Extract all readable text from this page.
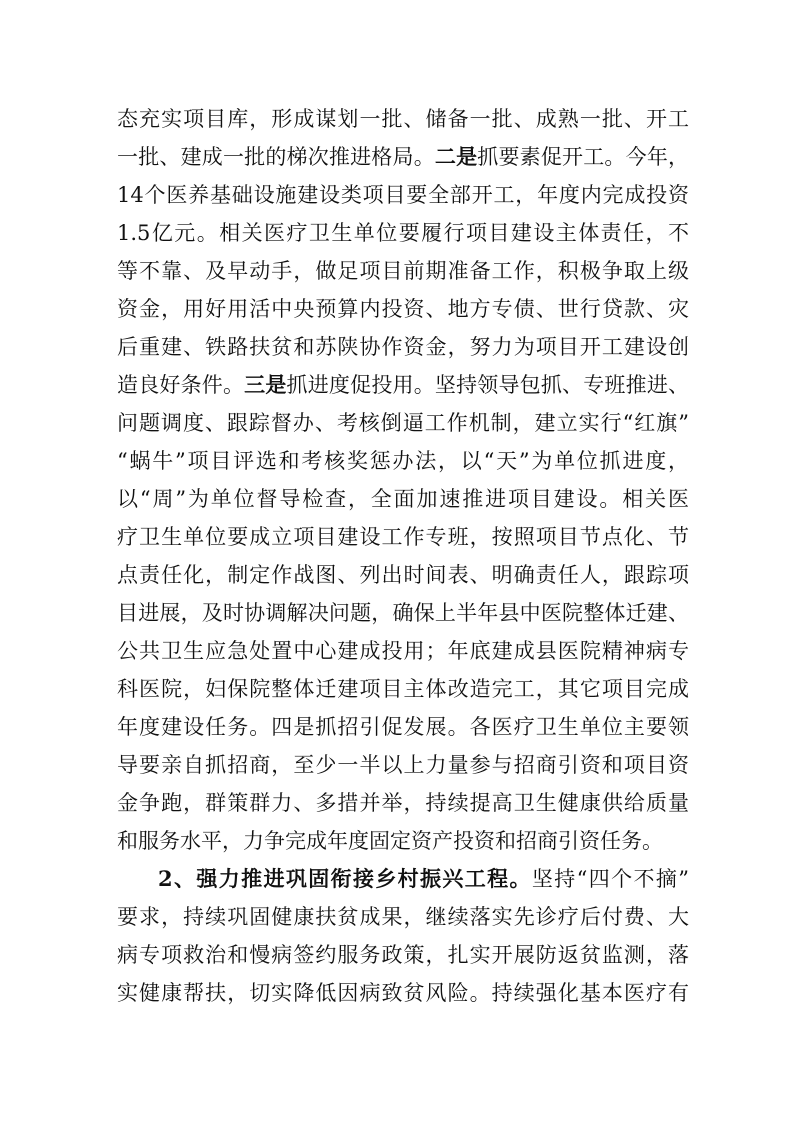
态充实项目库，形成谋划一批、储备一批、成熟一批、开工
一批、建成一批的梯次推进格局。二是抓要素促开工。今年，
14个医养基础设施建设类项目要全部开工，年度内完成投资
1.5亿元。相关医疗卫生单位要履行项目建设主体责任，不
等不靠、及早动手，做足项目前期准备工作，积极争取上级
资金，用好用活中央预算内投资、地方专债、世行贷款、灾
后重建、铁路扶贫和苏陕协作资金，努力为项目开工建设创
造良好条件。三是抓进度促投用。坚持领导包抓、专班推进、
问题调度、跟踪督办、考核倒逼工作机制，建立实行“红旗”
“蜗牛”项目评选和考核奖惩办法，以“天”为单位抓进度，
以“周”为单位督导检查，全面加速推进项目建设。相关医
疗卫生单位要成立项目建设工作专班，按照项目节点化、节
点责任化，制定作战图、列出时间表、明确责任人，跟踪项
目进展，及时协调解决问题，确保上半年县中医院整体迁建、
公共卫生应急处置中心建成投用；年底建成县医院精神病专
科医院，妇保院整体迁建项目主体改造完工，其它项目完成
年度建设任务。四是抓招引促发展。各医疗卫生单位主要领
导要亲自抓招商，至少一半以上力量参与招商引资和项目资
金争跑，群策群力、多措并举，持续提高卫生健康供给质量
和服务水平，力争完成年度固定资产投资和招商引资任务。
2、强力推进巩固衔接乡村振兴工程。坚持“四个不摘”
要求，持续巩固健康扶贫成果，继续落实先诊疗后付费、大
病专项救治和慢病签约服务政策，扎实开展防返贫监测，落
实健康帮扶，切实降低因病致贫风险。持续强化基本医疗有
